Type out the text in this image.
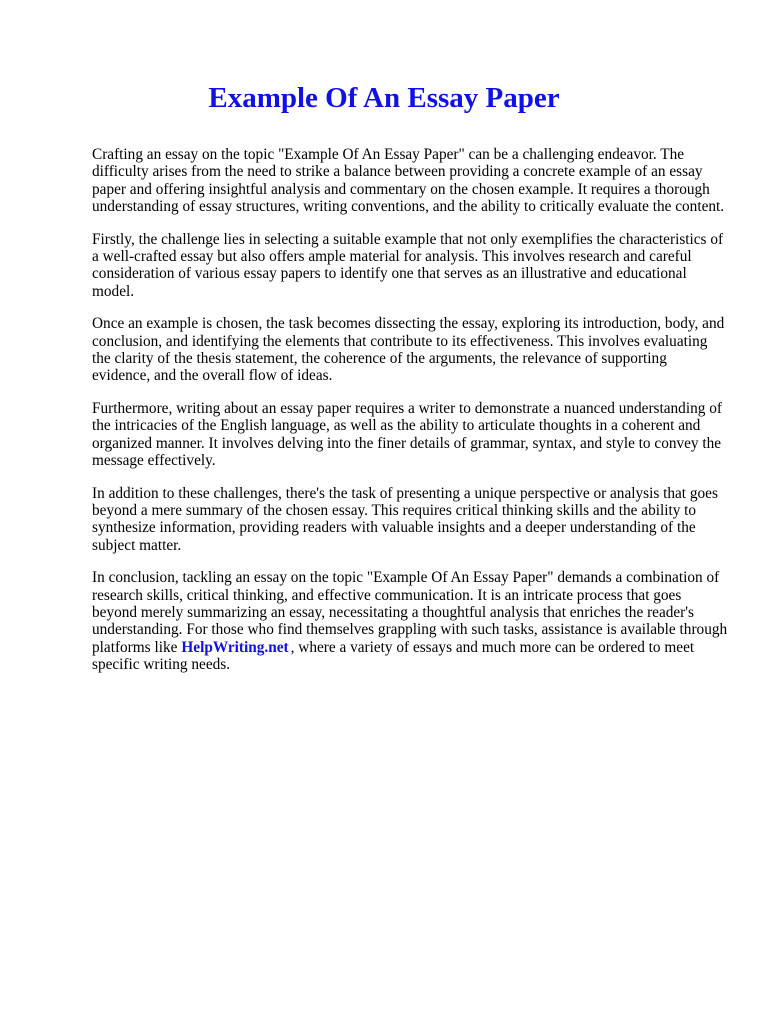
Example Of An Essay Paper

Crafting an essay on the topic "Example Of An Essay Paper" can be a challenging endeavor. The difficulty arises from the need to strike a balance between providing a concrete example of an essay paper and offering insightful analysis and commentary on the chosen example. It requires a thorough understanding of essay structures, writing conventions, and the ability to critically evaluate the content.

Firstly, the challenge lies in selecting a suitable example that not only exemplifies the characteristics of a well-crafted essay but also offers ample material for analysis. This involves research and careful consideration of various essay papers to identify one that serves as an illustrative and educational model.

Once an example is chosen, the task becomes dissecting the essay, exploring its introduction, body, and conclusion, and identifying the elements that contribute to its effectiveness. This involves evaluating the clarity of the thesis statement, the coherence of the arguments, the relevance of supporting evidence, and the overall flow of ideas.

Furthermore, writing about an essay paper requires a writer to demonstrate a nuanced understanding of the intricacies of the English language, as well as the ability to articulate thoughts in a coherent and organized manner. It involves delving into the finer details of grammar, syntax, and style to convey the message effectively.

In addition to these challenges, there's the task of presenting a unique perspective or analysis that goes beyond a mere summary of the chosen essay. This requires critical thinking skills and the ability to synthesize information, providing readers with valuable insights and a deeper understanding of the subject matter.

In conclusion, tackling an essay on the topic "Example Of An Essay Paper" demands a combination of research skills, critical thinking, and effective communication. It is an intricate process that goes beyond merely summarizing an essay, necessitating a thoughtful analysis that enriches the reader's understanding. For those who find themselves grappling with such tasks, assistance is available through platforms like HelpWriting.net , where a variety of essays and much more can be ordered to meet specific writing needs.
